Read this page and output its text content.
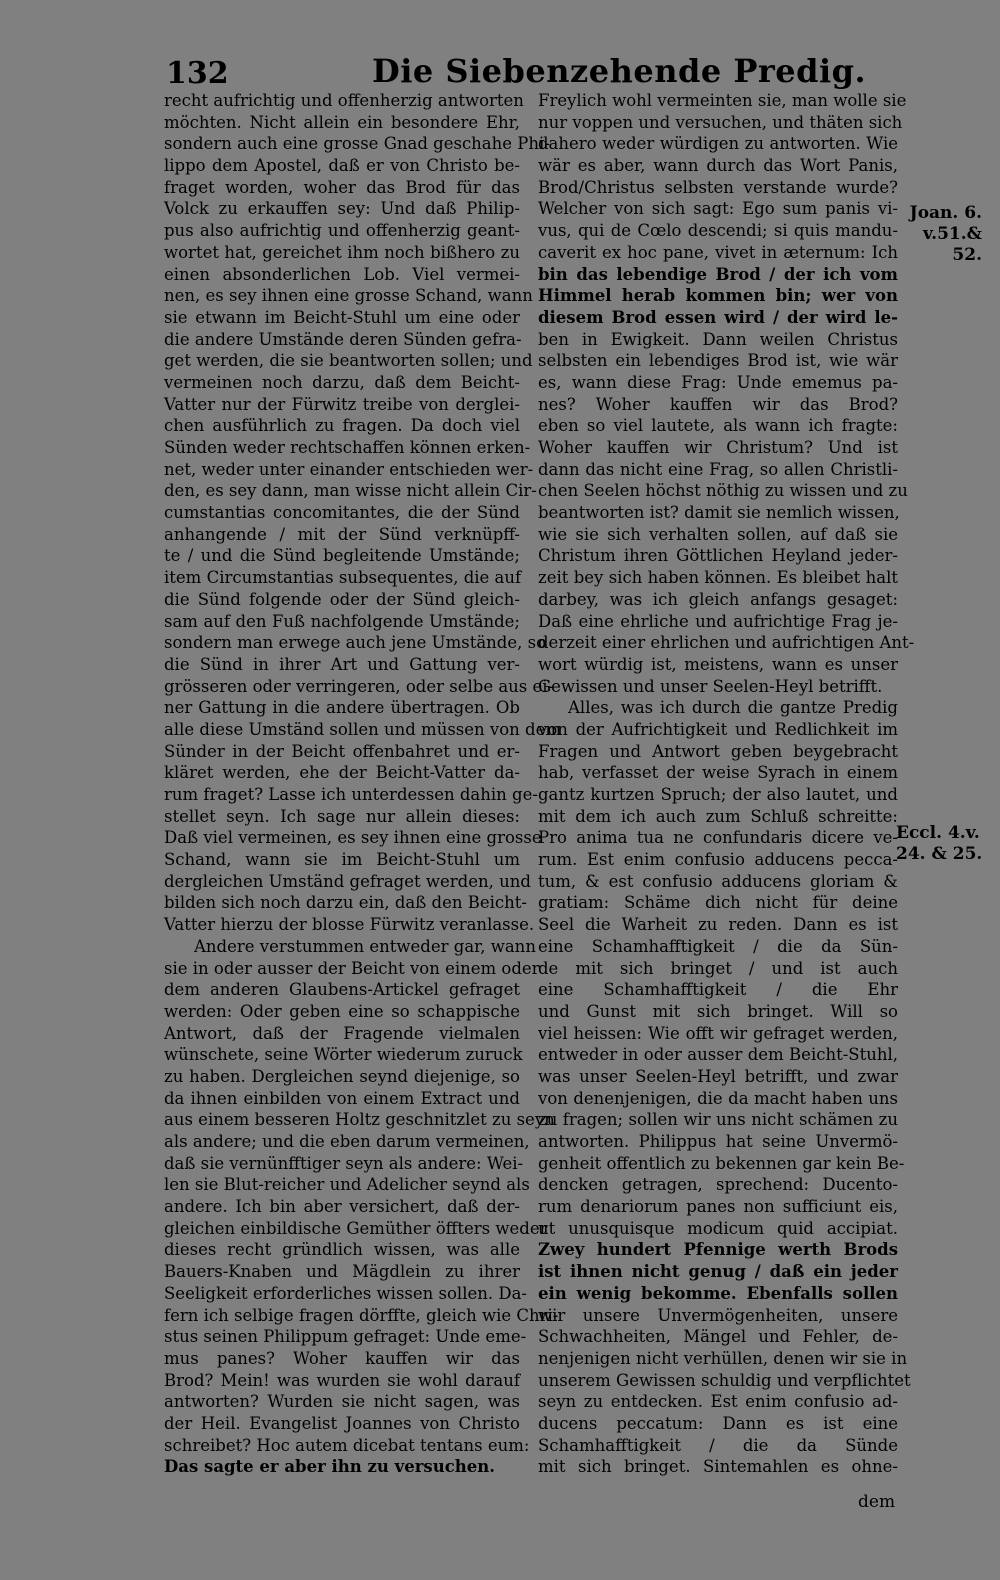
132	Die Siebenzehende Predig.
recht aufrichtig und offenherzig antworten
möchten. Nicht allein ein besondere Ehr,
sondern auch eine grosse Gnad geschahe Phi-
lippo dem Apostel, daß er von Christo be-
fraget worden, woher das Brod für das
Volck zu erkauffen sey: Und daß Philip-
pus also aufrichtig und offenherzig geant-
wortet hat, gereichet ihm noch bißhero zu
einen absonderlichen Lob. Viel vermei-
nen, es sey ihnen eine grosse Schand, wann
sie etwann im Beicht-Stuhl um eine oder
die andere Umstände deren Sünden gefra-
get werden, die sie beantworten sollen; und
vermeinen noch darzu, daß dem Beicht-
Vatter nur der Fürwitz treibe von derglei-
chen ausführlich zu fragen. Da doch viel
Sünden weder rechtschaffen können erken-
net, weder unter einander entschieden wer-
den, es sey dann, man wisse nicht allein Cir-
cumstantias concomitantes, die der Sünd
anhangende / mit der Sünd verknüpff-
te / und die Sünd begleitende Umstände;
item Circumstantias subsequentes, die auf
die Sünd folgende oder der Sünd gleich-
sam auf den Fuß nachfolgende Umstände;
sondern man erwege auch jene Umstände, so
die Sünd in ihrer Art und Gattung ver-
grösseren oder verringeren, oder selbe aus ei-
ner Gattung in die andere übertragen. Ob
alle diese Umständ sollen und müssen von dem
Sünder in der Beicht offenbahret und er-
kläret werden, ehe der Beicht-Vatter da-
rum fraget? Lasse ich unterdessen dahin ge-
stellet seyn. Ich sage nur allein dieses:
Daß viel vermeinen, es sey ihnen eine grosse
Schand, wann sie im Beicht-Stuhl um
dergleichen Umständ gefraget werden, und
bilden sich noch darzu ein, daß den Beicht-
Vatter hierzu der blosse Fürwitz veranlasse.
Andere verstummen entweder gar, wann
sie in oder ausser der Beicht von einem oder
dem anderen Glaubens-Artickel gefraget
werden: Oder geben eine so schappische
Antwort, daß der Fragende vielmalen
wünschete, seine Wörter wiederum zuruck
zu haben. Dergleichen seynd diejenige, so
da ihnen einbilden von einem Extract und
aus einem besseren Holtz geschnitzlet zu seyn
als andere; und die eben darum vermeinen,
daß sie vernünfftiger seyn als andere: Wei-
len sie Blut-reicher und Adelicher seynd als
andere. Ich bin aber versichert, daß der-
gleichen einbildische Gemüther öffters weder
dieses recht gründlich wissen, was alle
Bauers-Knaben und Mägdlein zu ihrer
Seeligkeit erforderliches wissen sollen. Da-
fern ich selbige fragen dörffte, gleich wie Chri-
stus seinen Philippum gefraget: Unde eme-
mus panes? Woher kauffen wir das
Brod? Mein! was wurden sie wohl darauf
antworten? Wurden sie nicht sagen, was
der Heil. Evangelist Joannes von Christo
schreibet? Hoc autem dicebat tentans eum:
Das sagte er aber ihn zu versuchen.
Freylich wohl vermeinten sie, man wolle sie
nur voppen und versuchen, und thäten sich
dahero weder würdigen zu antworten. Wie
wär es aber, wann durch das Wort Panis,
Brod/Christus selbsten verstande wurde?
Welcher von sich sagt: Ego sum panis vi-
vus, qui de Cœlo descendi; si quis mandu-
caverit ex hoc pane, vivet in æternum: Ich
bin das lebendige Brod / der ich vom
Himmel herab kommen bin; wer von
diesem Brod essen wird / der wird le-
ben in Ewigkeit. Dann weilen Christus
selbsten ein lebendiges Brod ist, wie wär
es, wann diese Frag: Unde ememus pa-
nes? Woher kauffen wir das Brod?
eben so viel lautete, als wann ich fragte:
Woher kauffen wir Christum? Und ist
dann das nicht eine Frag, so allen Christli-
chen Seelen höchst nöthig zu wissen und zu
beantworten ist? damit sie nemlich wissen,
wie sie sich verhalten sollen, auf daß sie
Christum ihren Göttlichen Heyland jeder-
zeit bey sich haben können. Es bleibet halt
darbey, was ich gleich anfangs gesaget:
Daß eine ehrliche und aufrichtige Frag je-
derzeit einer ehrlichen und aufrichtigen Ant-
wort würdig ist, meistens, wann es unser
Gewissen und unser Seelen-Heyl betrifft.
Alles, was ich durch die gantze Predig
von der Aufrichtigkeit und Redlichkeit im
Fragen und Antwort geben beygebracht
hab, verfasset der weise Syrach in einem
gantz kurtzen Spruch; der also lautet, und
mit dem ich auch zum Schluß schreitte:
Pro anima tua ne confundaris dicere ve-
rum. Est enim confusio adducens pecca-
tum, & est confusio adducens gloriam &
gratiam: Schäme dich nicht für deine
Seel die Warheit zu reden. Dann es ist
eine Schamhafftigkeit / die da Sün-
de mit sich bringet / und ist auch
eine Schamhafftigkeit / die Ehr
und Gunst mit sich bringet. Will so
viel heissen: Wie offt wir gefraget werden,
entweder in oder ausser dem Beicht-Stuhl,
was unser Seelen-Heyl betrifft, und zwar
von denenjenigen, die da macht haben uns
zu fragen; sollen wir uns nicht schämen zu
antworten. Philippus hat seine Unvermö-
genheit offentlich zu bekennen gar kein Be-
dencken getragen, sprechend: Ducento-
rum denariorum panes non sufficiunt eis,
ut unusquisque modicum quid accipiat.
Zwey hundert Pfennige werth Brods
ist ihnen nicht genug / daß ein jeder
ein wenig bekomme. Ebenfalls sollen
wir unsere Unvermögenheiten, unsere
Schwachheiten, Mängel und Fehler, de-
nenjenigen nicht verhüllen, denen wir sie in
unserem Gewissen schuldig und verpflichtet
seyn zu entdecken. Est enim confusio ad-
ducens peccatum: Dann es ist eine
Schamhafftigkeit / die da Sünde
mit sich bringet. Sintemahlen es ohne-
Joan. 6.
v.51.&
52.
Eccl. 4.v.
24. & 25.
dem
